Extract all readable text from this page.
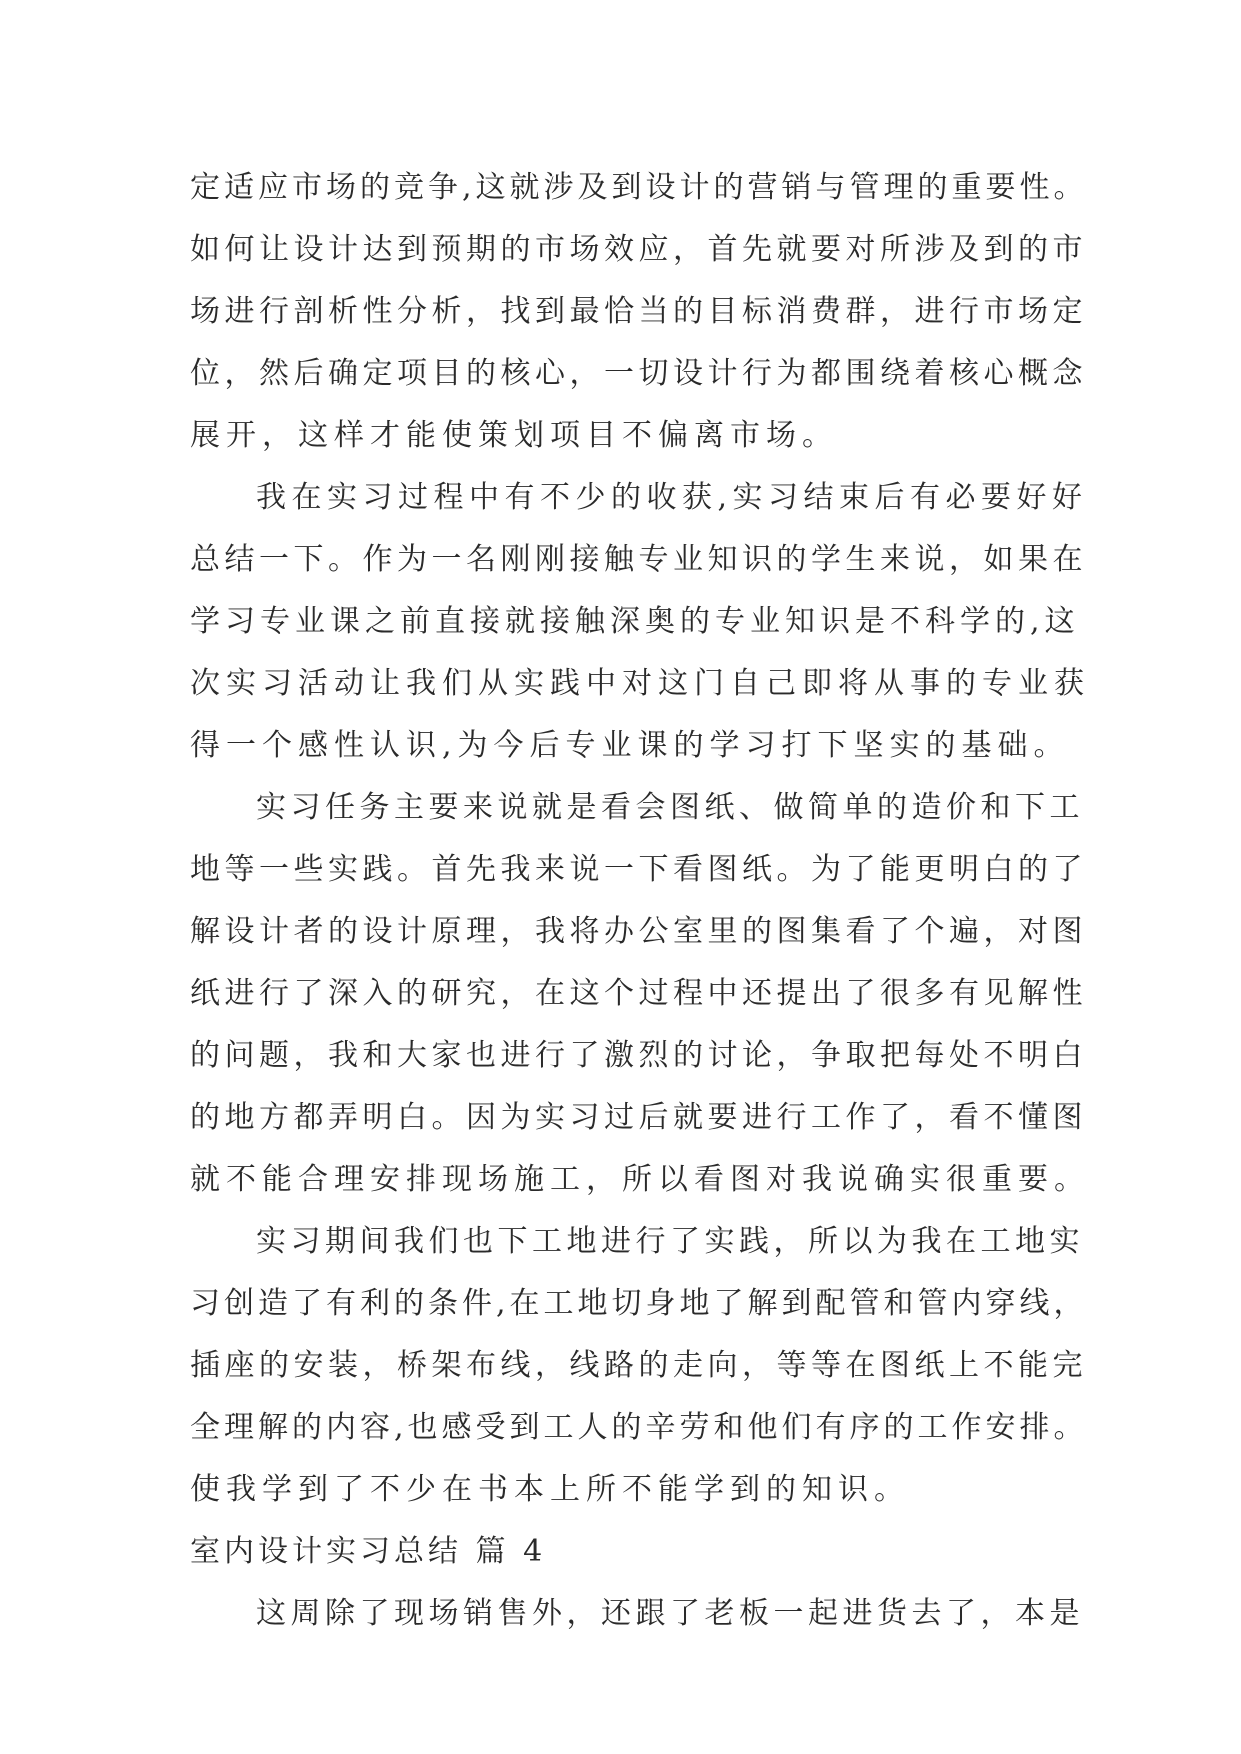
定适应市场的竞争,这就涉及到设计的营销与管理的重要性。
如何让设计达到预期的市场效应，首先就要对所涉及到的市
场进行剖析性分析，找到最恰当的目标消费群，进行市场定
位，然后确定项目的核心，一切设计行为都围绕着核心概念
展开，这样才能使策划项目不偏离市场。
我在实习过程中有不少的收获,实习结束后有必要好好
总结一下。作为一名刚刚接触专业知识的学生来说，如果在
学习专业课之前直接就接触深奥的专业知识是不科学的,这
次实习活动让我们从实践中对这门自己即将从事的专业获
得一个感性认识,为今后专业课的学习打下坚实的基础。
实习任务主要来说就是看会图纸、做简单的造价和下工
地等一些实践。首先我来说一下看图纸。为了能更明白的了
解设计者的设计原理，我将办公室里的图集看了个遍，对图
纸进行了深入的研究，在这个过程中还提出了很多有见解性
的问题，我和大家也进行了激烈的讨论，争取把每处不明白
的地方都弄明白。因为实习过后就要进行工作了，看不懂图
就不能合理安排现场施工，所以看图对我说确实很重要。
实习期间我们也下工地进行了实践，所以为我在工地实
习创造了有利的条件,在工地切身地了解到配管和管内穿线，
插座的安装，桥架布线，线路的走向，等等在图纸上不能完
全理解的内容,也感受到工人的辛劳和他们有序的工作安排。
使我学到了不少在书本上所不能学到的知识。
室内设计实习总结 篇 4
这周除了现场销售外，还跟了老板一起进货去了，本是
